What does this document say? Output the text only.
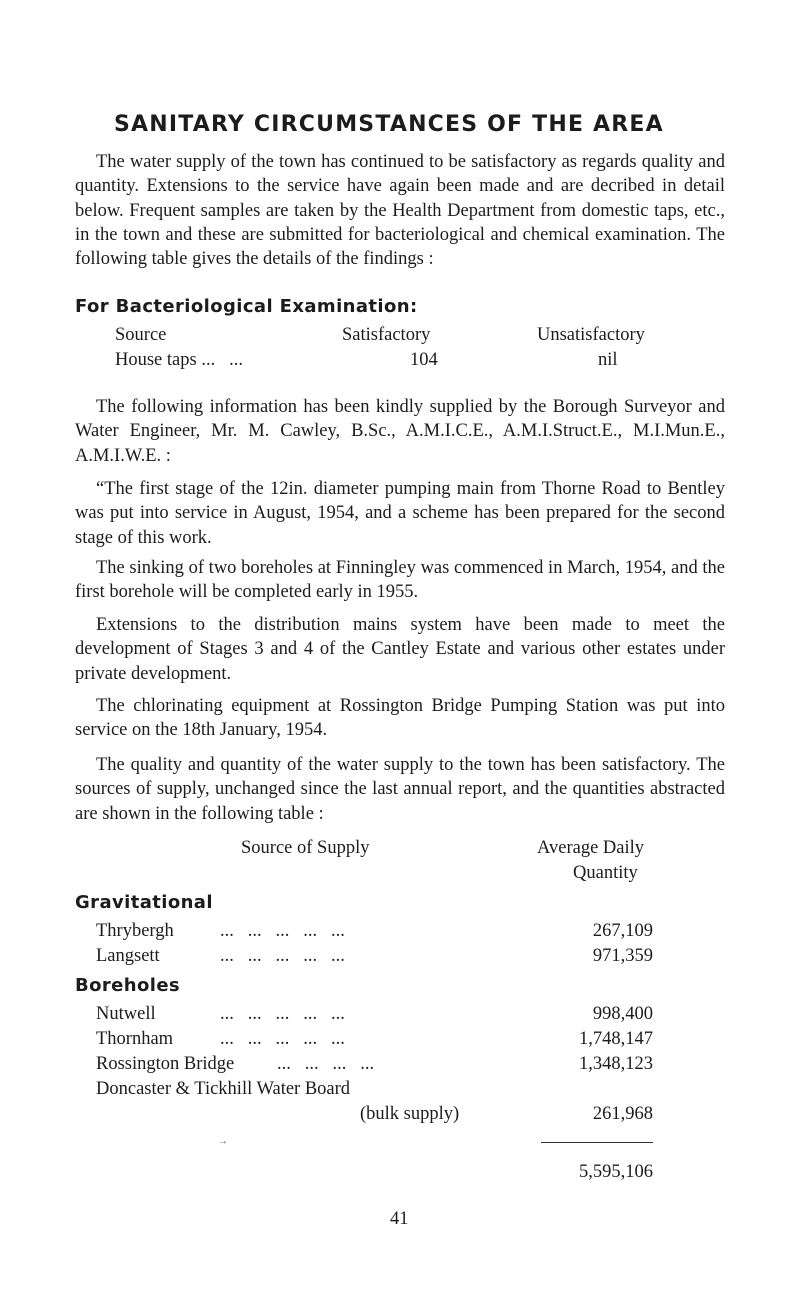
SANITARY CIRCUMSTANCES OF THE AREA

The water supply of the town has continued to be satisfactory as regards quality and quantity. Extensions to the service have again been made and are decribed in detail below. Frequent samples are taken by the Health Department from domestic taps, etc., in the town and these are submitted for bacteriological and chemical examination. The following table gives the details of the findings :

For Bacteriological Examination:
Source	Satisfactory	Unsatisfactory
House taps ...   ...	104	nil

The following information has been kindly supplied by the Borough Surveyor and Water Engineer, Mr. M. Cawley, B.Sc., A.M.I.C.E., A.M.I.Struct.E., M.I.Mun.E., A.M.I.W.E. :

“The first stage of the 12in. diameter pumping main from Thorne Road to Bentley was put into service in August, 1954, and a scheme has been prepared for the second stage of this work.

The sinking of two boreholes at Finningley was commenced in March, 1954, and the first borehole will be completed early in 1955.

Extensions to the distribution mains system have been made to meet the development of Stages 3 and 4 of the Cantley Estate and various other estates under private development.

The chlorinating equipment at Rossington Bridge Pumping Station was put into service on the 18th January, 1954.

The quality and quantity of the water supply to the town has been satisfactory. The sources of supply, unchanged since the last annual report, and the quantities abstracted are shown in the following table :

Source of Supply	Average Daily
Quantity
Gravitational
Thrybergh	...   ...   ...   ...   ...	267,109
Langsett	...   ...   ...   ...   ...	971,359
Boreholes
Nutwell	...   ...   ...   ...   ...	998,400
Thornham	...   ...   ...   ...   ...	1,748,147
Rossington Bridge ...   ...   ...   ...	1,348,123
Doncaster & Tickhill Water Board
(bulk supply)	261,968
→
5,595,106
41
